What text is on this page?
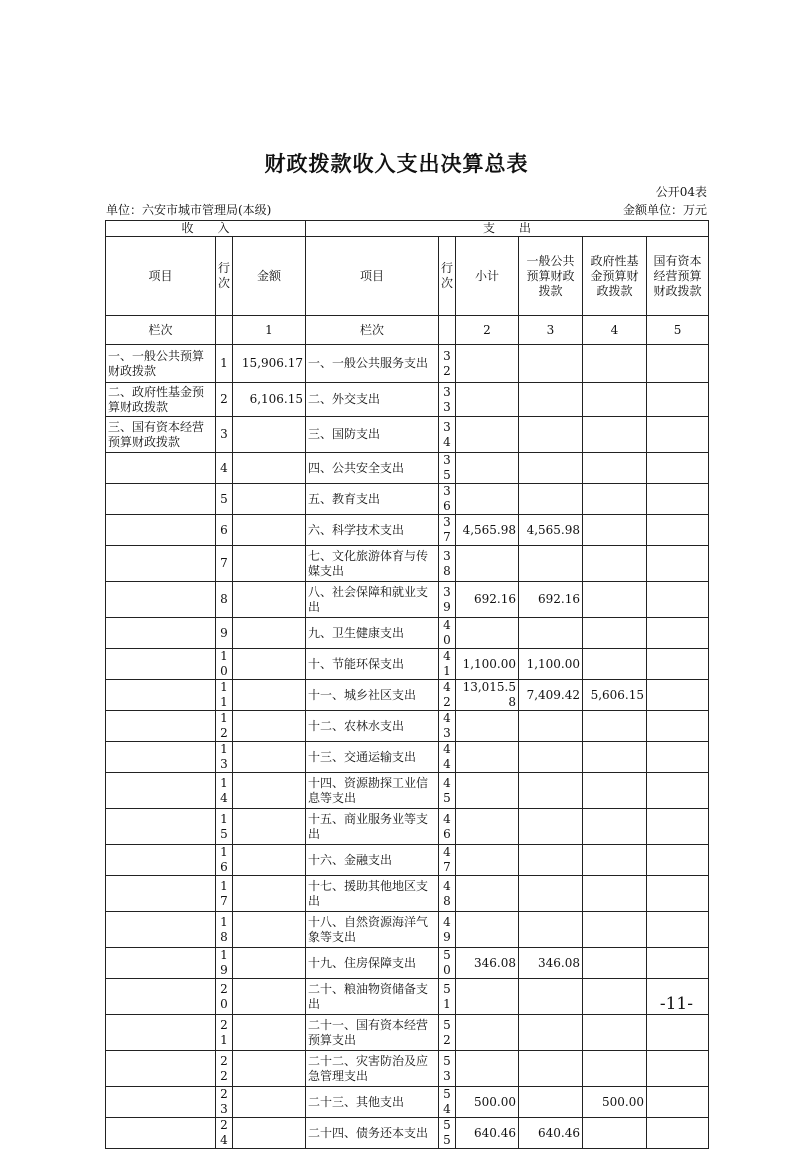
财政拨款收入支出决算总表
公开04表
单位：六安市城市管理局(本级)	金额单位：万元
收　　入			支　　出					
项目	行次	金额	项目	行次	小计	一般公共预算财政拨款	政府性基金预算财政拨款	国有资本经营预算财政拨款
栏次		1	栏次		2	3	4	5
一、一般公共预算财政拨款	1	15,906.17	一、一般公共服务支出	32				
二、政府性基金预算财政拨款	2	6,106.15	二、外交支出	33				
三、国有资本经营预算财政拨款	3		三、国防支出	34				
	4		四、公共安全支出	35				
	5		五、教育支出	36				
	6		六、科学技术支出	37	4,565.98	4,565.98		
	7		七、文化旅游体育与传媒支出	38				
	8		八、社会保障和就业支出	39	692.16	692.16		
	9		九、卫生健康支出	40				
	10		十、节能环保支出	41	1,100.00	1,100.00		
	11		十一、城乡社区支出	42	13,015.58	7,409.42	5,606.15	
	12		十二、农林水支出	43				
	13		十三、交通运输支出	44				
	14		十四、资源勘探工业信息等支出	45				
	15		十五、商业服务业等支出	46				
	16		十六、金融支出	47				
	17		十七、援助其他地区支出	48				
	18		十八、自然资源海洋气象等支出	49				
	19		十九、住房保障支出	50	346.08	346.08		
	20		二十、粮油物资储备支出	51				
	21		二十一、国有资本经营预算支出	52				
	22		二十二、灾害防治及应急管理支出	53				
	23		二十三、其他支出	54	500.00		500.00	
	24		二十四、债务还本支出	55	640.46	640.46		
-11-
